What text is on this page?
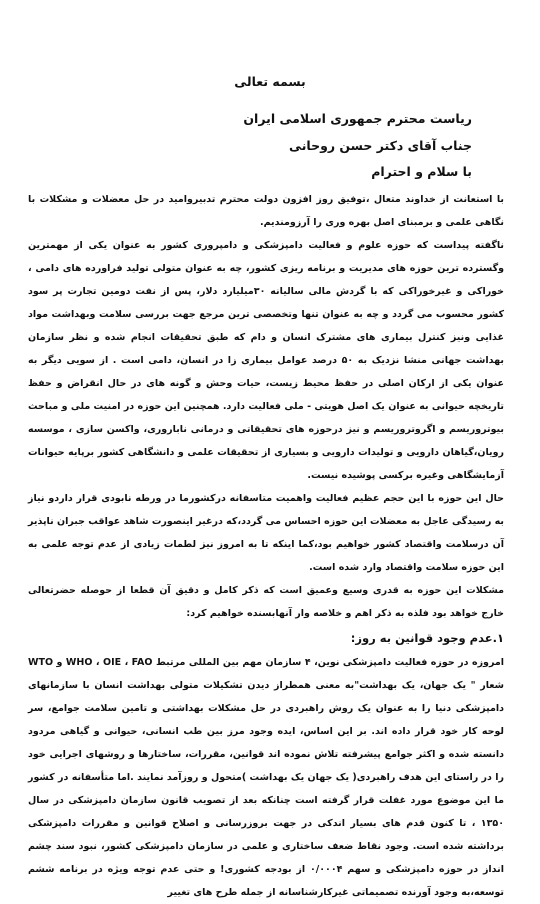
بسمه تعالی
ریاست محترم جمهوری اسلامی ایران
جناب آقای دکتر حسن روحانی
با سلام و احترام

با استعانت از خداوند متعال ،توفیق روز افزون دولت محترم تدبیروامید در حل معضلات و مشکلات با نگاهی علمی و برمبنای اصل بهره وری را آرزومندیم.

ناگفته پیداست که حوزه علوم و فعالیت دامپزشکی و دامپروری کشور به عنوان یکی از مهمترین وگسترده ترین حوزه های مدیریت و برنامه ریزی کشور، چه به عنوان متولی تولید فراورده های دامی ، خوراکی و غیرخوراکی که با گردش مالی سالیانه ۳۰میلیارد دلار، پس از نفت دومین تجارت پر سود کشور محسوب می گردد و چه به عنوان تنها وتخصصی ترین مرجع جهت بررسی سلامت وبهداشت مواد غذایی ونیز کنترل بیماری های مشترک انسان و دام که طبق تحقیقات انجام شده و نظر سازمان بهداشت جهانی منشا نزدیک به ۵۰ درصد عوامل بیماری زا در انسان، دامی است . از سویی دیگر به عنوان یکی از ارکان اصلی در حفظ محیط زیست، حیات وحش و گونه های در حال انقراض و حفظ تاریخچه حیوانی به عنوان یک اصل هویتی - ملی فعالیت دارد. همچنین این حوزه در امنیت ملی و مباحث بیوتروریسم و اگروتروریسم و نیز درحوزه های تحقیقاتی و درمانی ناباروری، واکسن سازی ، موسسه رویان،گیاهان دارویی و تولیدات دارویی و بسیاری از تحقیقات علمی و دانشگاهی کشور برپایه حیوانات آزمایشگاهی وغیره برکسی پوشیده نیست.

حال این حوزه با این حجم عظیم فعالیت واهمیت متاسفانه درکشورما در ورطه نابودی قرار داردو نیاز به رسیدگی عاجل به معضلات این حوزه احساس می گردد،که درغیر اینصورت شاهد عواقب جبران ناپذیر آن درسلامت واقتصاد کشور خواهیم بود،کما اینکه تا به امروز نیز لطمات زیادی از عدم توجه علمی به این حوزه سلامت واقتصاد وارد شده است.

مشکلات این حوزه به قدری وسیع وعمیق است که ذکر کامل و دقیق آن قطعا از حوصله حضرتعالی خارج خواهد بود فلذه به ذکر اهم و خلاصه وار آنهابسنده خواهیم کرد:

۱.عدم وجود قوانین به روز:

امروزه در حوزه فعالیت دامپزشکی نوین، ۴ سازمان مهم بین المللی مرتبط WHO ، OIE ، FAO و WTO شعار " یک جهان، یک بهداشت"به معنی همطراز دیدن تشکیلات متولی بهداشت انسان با سازمانهای دامپزشکی دنیا را به عنوان یک روش راهبردی در حل مشکلات بهداشتی و تامین سلامت جوامع، سر لوحه کار خود قرار داده اند. بر این اساس، ایده وجود مرز بین طب انسانی، حیوانی و گیاهی مردود دانسته شده و اکثر جوامع پیشرفته تلاش نموده اند قوانین، مقررات، ساختارها و روشهای اجرایی خود را در راستای این هدف راهبردی( یک جهان یک بهداشت )متحول و روزآمد نمایند .اما متأسفانه در کشور ما این موضوع مورد غفلت قرار گرفته است چنانکه بعد از تصویب قانون سازمان دامپزشکی در سال ۱۳۵۰ ، تا کنون قدم های بسیار اندکی در جهت بروزرسانی و اصلاح قوانین و مقررات دامپزشکی برداشته شده است. وجود نقاط ضعف ساختاری و علمی در سازمان دامپزشکی کشور، نبود سند چشم انداز در حوزه دامپزشکی و سهم ۰/۰۰۰۴ از بودجه کشوری! و حتی عدم توجه ویژه در برنامه ششم توسعه،به وجود آورنده تصمیماتی غیرکارشناسانه از جمله طرح های تغییر
